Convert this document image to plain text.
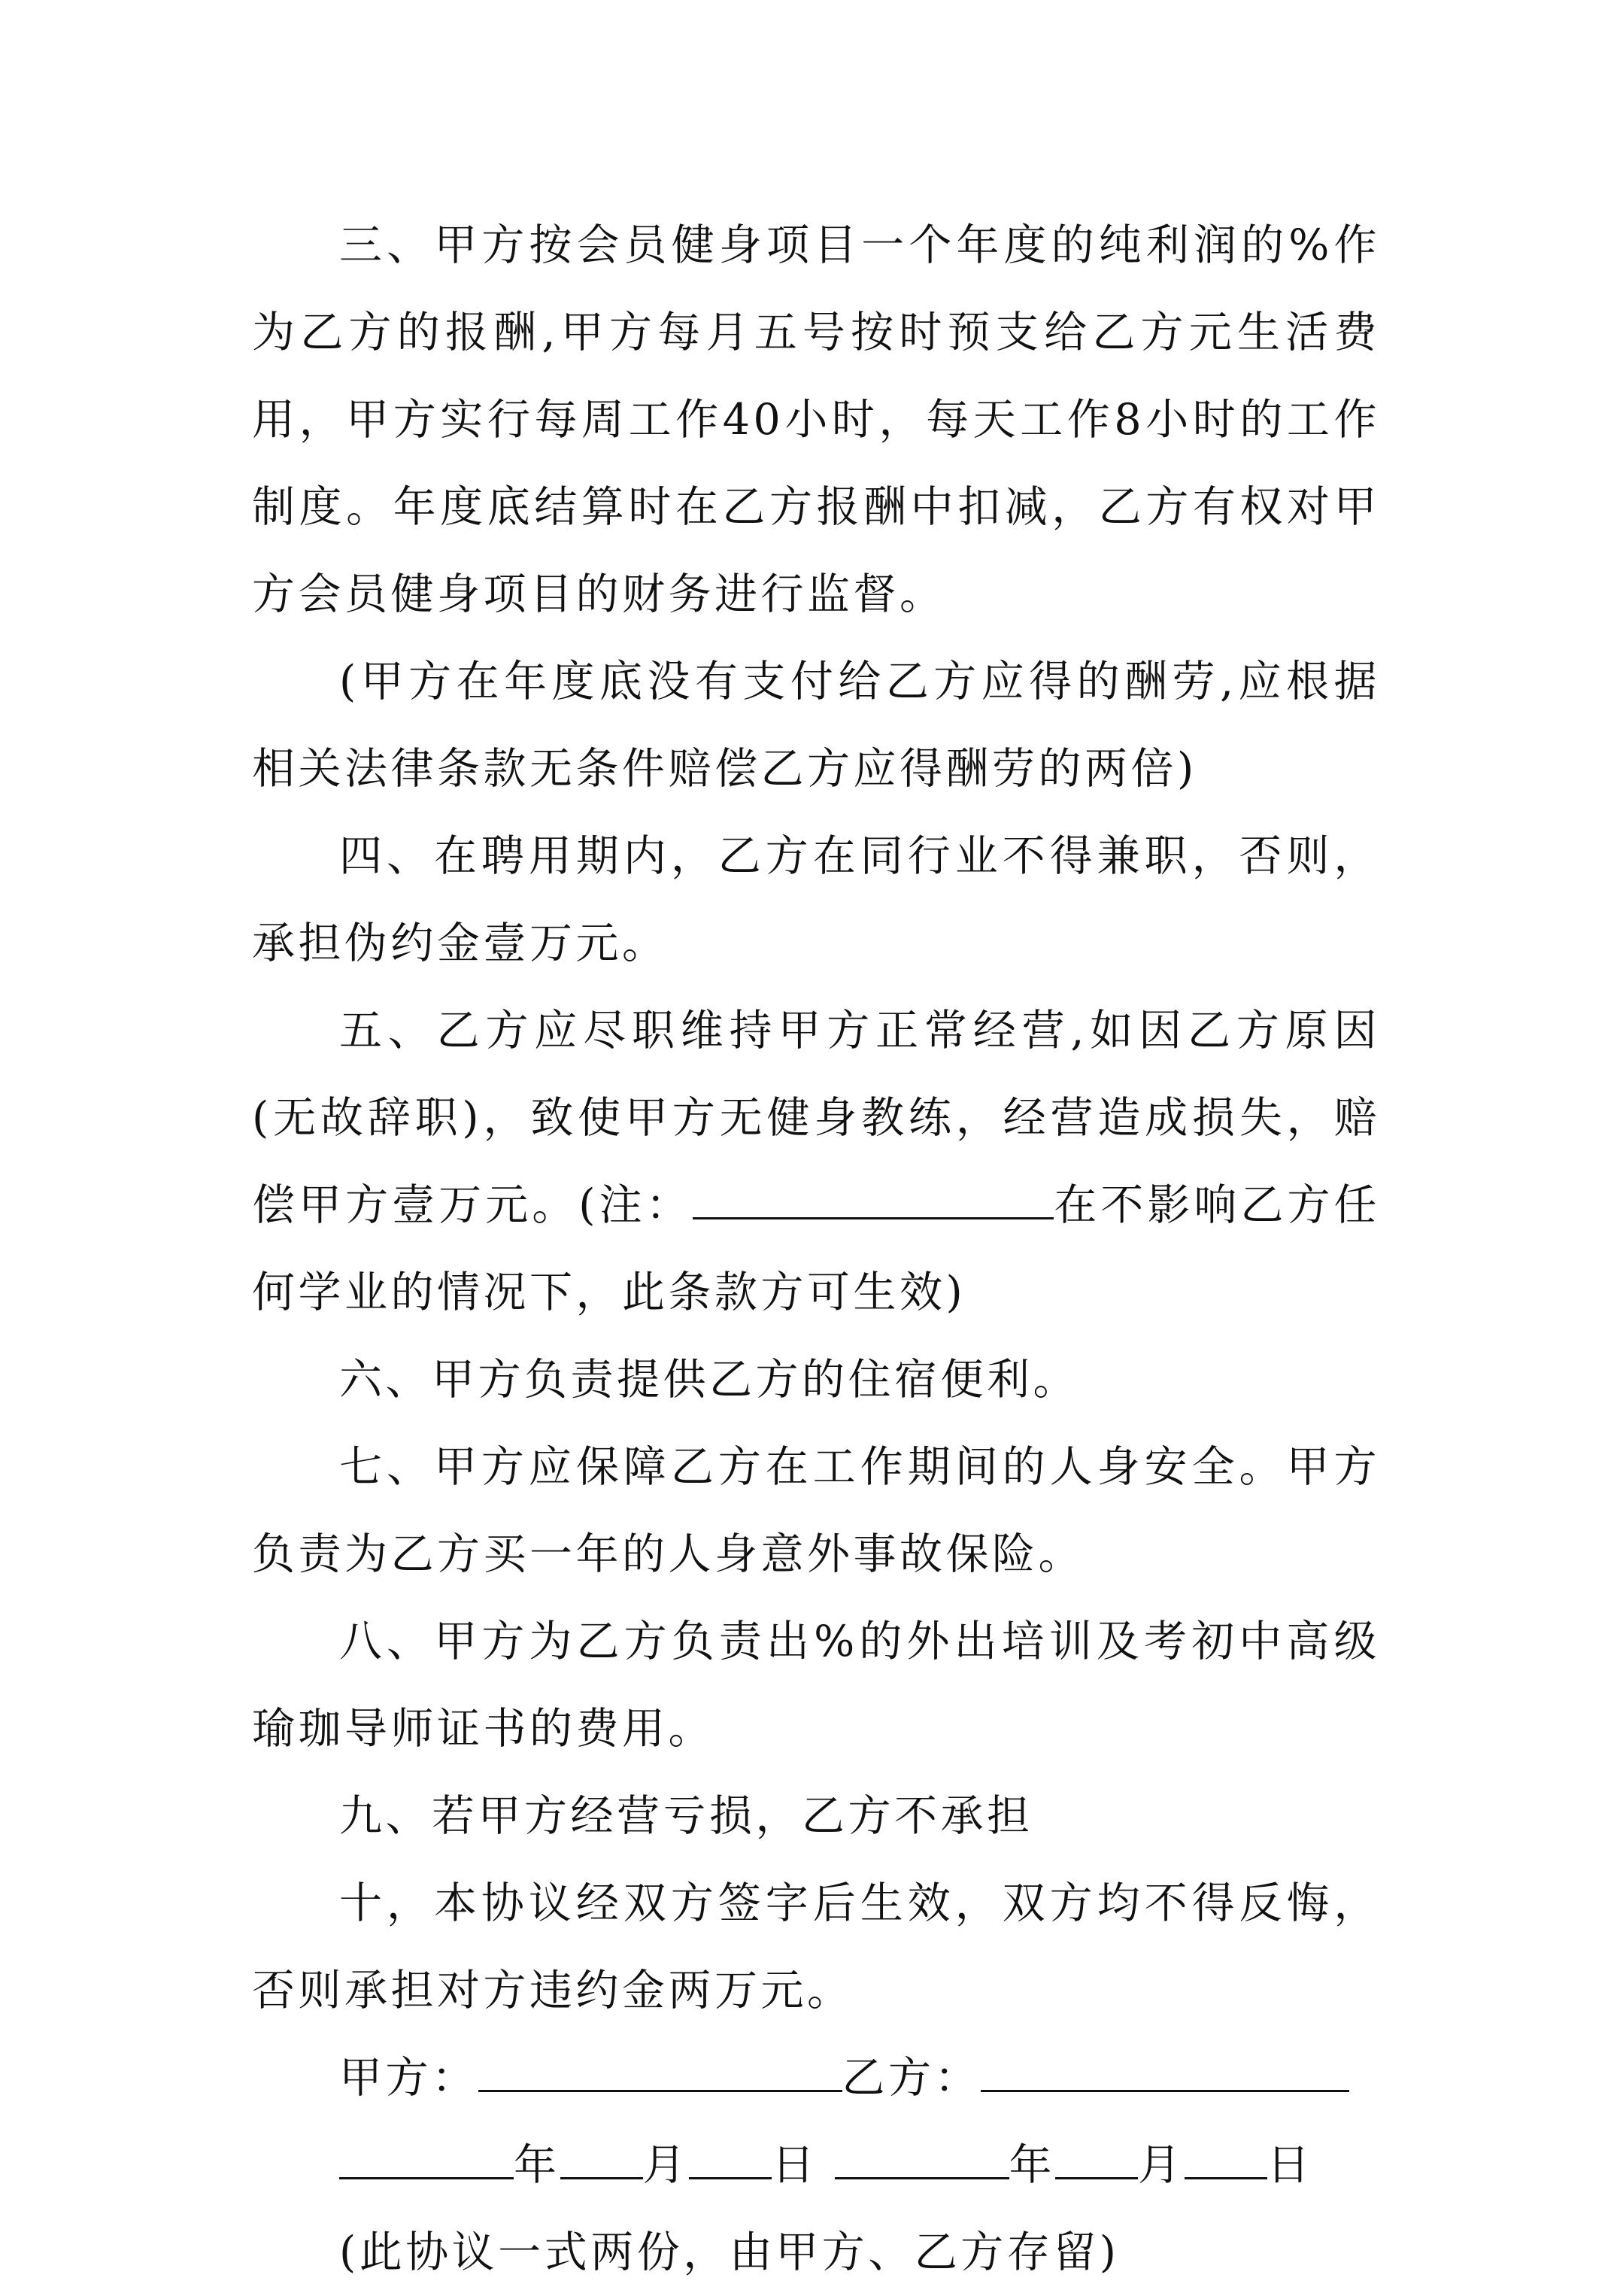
三、甲方按会员健身项目一个年度的纯利润的%作为乙方的报酬,甲方每月五号按时预支给乙方元生活费用，甲方实行每周工作40小时，每天工作8小时的工作制度。年度底结算时在乙方报酬中扣减，乙方有权对甲方会员健身项目的财务进行监督。

(甲方在年度底没有支付给乙方应得的酬劳,应根据相关法律条款无条件赔偿乙方应得酬劳的两倍)

四、在聘用期内，乙方在同行业不得兼职，否则，承担伪约金壹万元。

五、乙方应尽职维持甲方正常经营,如因乙方原因(无故辞职)，致使甲方无健身教练，经营造成损失，赔偿甲方壹万元。(注：	在不影响乙方任何学业的情况下，此条款方可生效)

六、甲方负责提供乙方的住宿便利。

七、甲方应保障乙方在工作期间的人身安全。甲方负责为乙方买一年的人身意外事故保险。

八、甲方为乙方负责出%的外出培训及考初中高级瑜珈导师证书的费用。

九、若甲方经营亏损，乙方不承担

十，本协议经双方签字后生效，双方均不得反悔，否则承担对方违约金两万元。

甲方：	乙方：

年 月 日	年 月 日

(此协议一式两份，由甲方、乙方存留)
